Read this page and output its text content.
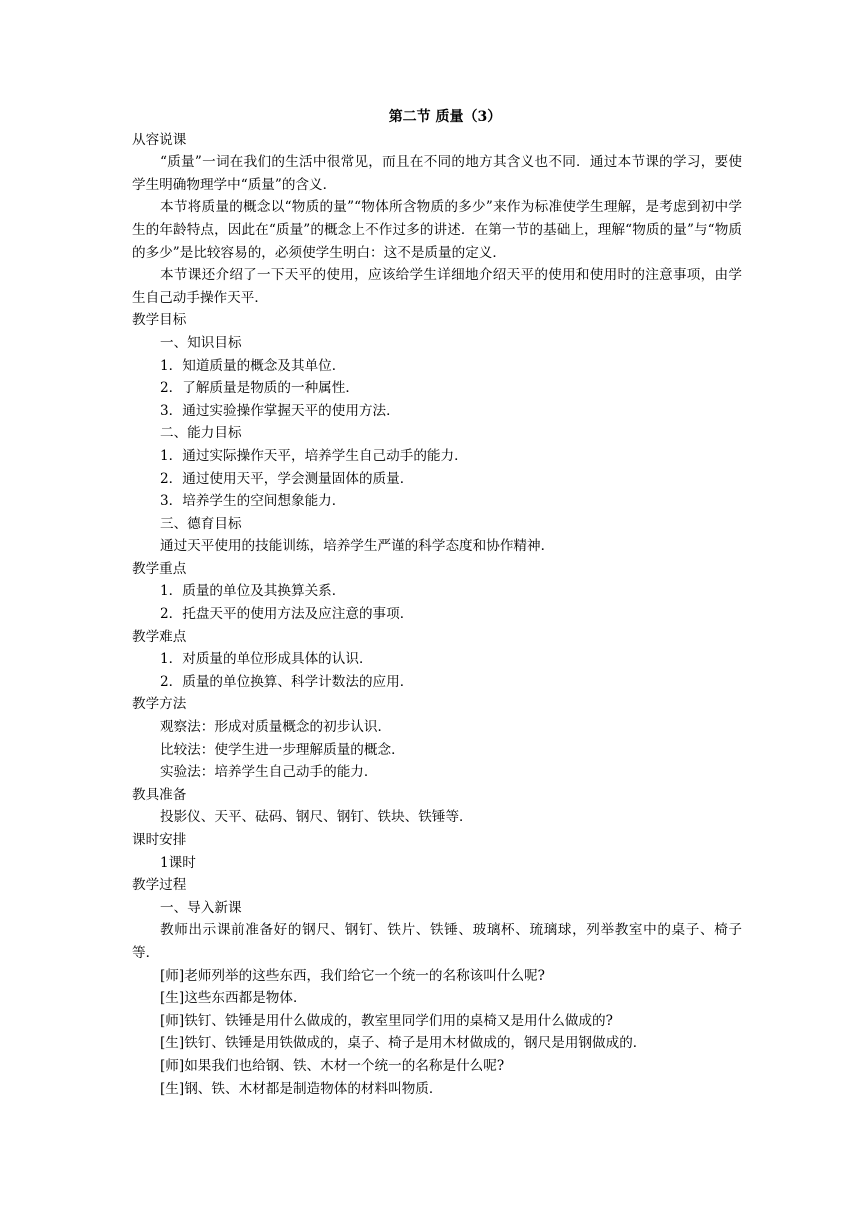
第二节 质量（3）
从容说课

“质量”一词在我们的生活中很常见，而且在不同的地方其含义也不同．通过本节课的学习，要使学生明确物理学中“质量”的含义．

本节将质量的概念以“物质的量”“物体所含物质的多少”来作为标准使学生理解，是考虑到初中学生的年龄特点，因此在“质量”的概念上不作过多的讲述．在第一节的基础上，理解“物质的量”与“物质的多少”是比较容易的，必须使学生明白：这不是质量的定义．

本节课还介绍了一下天平的使用，应该给学生详细地介绍天平的使用和使用时的注意事项，由学生自己动手操作天平．

教学目标
一、知识目标
1．知道质量的概念及其单位．
2．了解质量是物质的一种属性．
3．通过实验操作掌握天平的使用方法．
二、能力目标
1．通过实际操作天平，培养学生自己动手的能力．
2．通过使用天平，学会测量固体的质量．
3．培养学生的空间想象能力．
三、德育目标
通过天平使用的技能训练，培养学生严谨的科学态度和协作精神．
教学重点
1．质量的单位及其换算关系．
2．托盘天平的使用方法及应注意的事项．
教学难点
1．对质量的单位形成具体的认识．
2．质量的单位换算、科学计数法的应用．
教学方法
观察法：形成对质量概念的初步认识．
比较法：使学生进一步理解质量的概念．
实验法：培养学生自己动手的能力．
教具准备
投影仪、天平、砝码、钢尺、钢钉、铁块、铁锤等．
课时安排
1课时
教学过程
一、导入新课

教师出示课前准备好的钢尺、钢钉、铁片、铁锤、玻璃杯、琉璃球，列举教室中的桌子、椅子等．

[师]老师列举的这些东西，我们给它一个统一的名称该叫什么呢?
[生]这些东西都是物体．
[师]铁钉、铁锤是用什么做成的，教室里同学们用的桌椅又是用什么做成的?
[生]铁钉、铁锤是用铁做成的，桌子、椅子是用木材做成的，钢尺是用钢做成的．
[师]如果我们也给钢、铁、木材一个统一的名称是什么呢?
[生]钢、铁、木材都是制造物体的材料叫物质．
